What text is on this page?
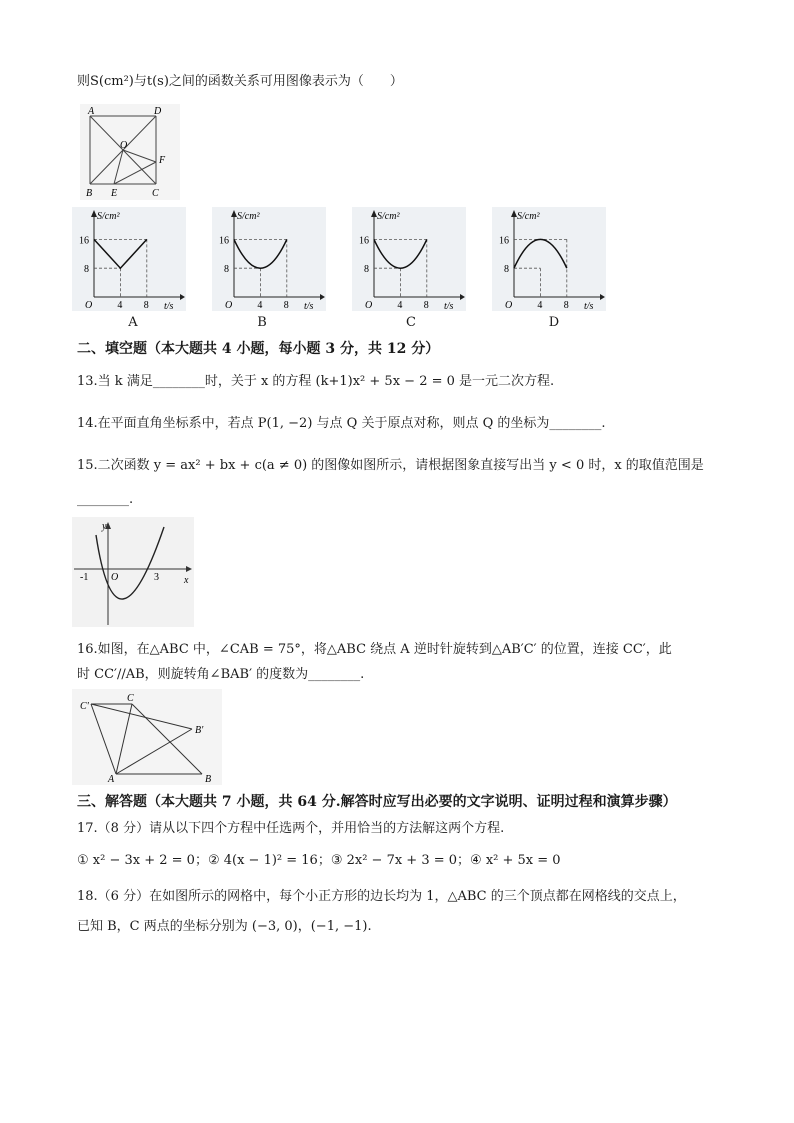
则S(cm²)与t(s)之间的函数关系可用图像表示为（　　）
A	D
O
F
B E	C
S/cm²
t/s
O
16
8
4 8
A
S/cm²
t/s
O
16
8
4 8
B
S/cm²
t/s
O
16
8
4 8
C
S/cm²
t/s
O
16
8
4 8
D
二、填空题（本大题共 4 小题，每小题 3 分，共 12 分）
13.当 k 满足________时，关于 x 的方程 (k+1)x² + 5x − 2 = 0 是一元二次方程.
14.在平面直角坐标系中，若点 P(1, −2) 与点 Q 关于原点对称，则点 Q 的坐标为________.
15.二次函数 y = ax² + bx + c(a ≠ 0) 的图像如图所示，请根据图象直接写出当 y < 0 时，x 的取值范围是
________.
y
x
O
-1	3
16.如图，在△ABC 中，∠CAB = 75°，将△ABC 绕点 A 逆时针旋转到△AB′C′ 的位置，连接 CC′，此
时 CC′//AB，则旋转角∠BAB′ 的度数为________.
C'
C
B'
A	B
三、解答题（本大题共 7 小题，共 64 分.解答时应写出必要的文字说明、证明过程和演算步骤）
17.（8 分）请从以下四个方程中任选两个，并用恰当的方法解这两个方程.
① x² − 3x + 2 = 0；② 4(x − 1)² = 16；③ 2x² − 7x + 3 = 0；④ x² + 5x = 0
18.（6 分）在如图所示的网格中，每个小正方形的边长均为 1，△ABC 的三个顶点都在网格线的交点上，
已知 B，C 两点的坐标分别为 (−3, 0)，(−1, −1).
